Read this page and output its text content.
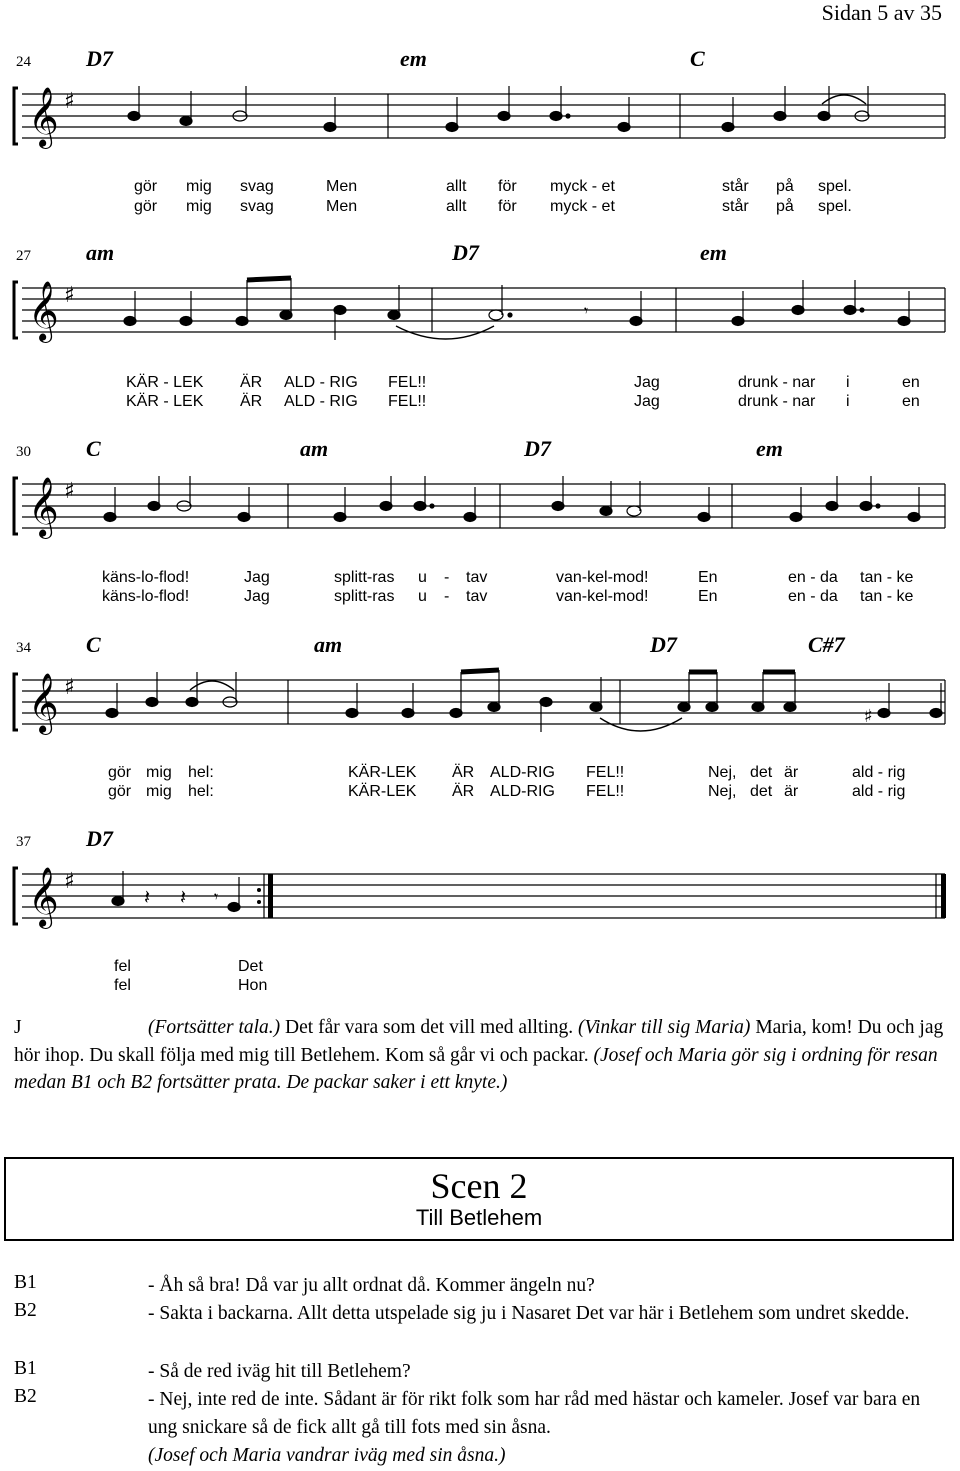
Sidan 5 av 35
24	D7	em	C
𝄞 ♯
gör mig svag	Men	allt för myck - et	står på spel.
gör mig svag	Men	allt för myck - et	står på spel.
27	am	D7	em
𝄞 ♯
𝄾
KÄR - LEK ÄR ALD - RIG FEL!!	Jag	drunk - nar i	en
KÄR - LEK ÄR ALD - RIG FEL!!	Jag	drunk - nar i	en
30	C	am	D7	em
𝄞 ♯
käns-lo-flod!	Jag	splitt-ras u - tav	van-kel-mod!	En	en - da tan - ke
käns-lo-flod!	Jag	splitt-ras u - tav	van-kel-mod!	En	en - da tan - ke
34	C	am	D7	C#7
𝄞 ♯
♯
gör mig hel:	KÄR-LEK ÄR ALD-RIG FEL!!	Nej, det är	ald - rig
gör mig hel:	KÄR-LEK ÄR ALD-RIG FEL!!	Nej, det är	ald - rig
37	D7
𝄞 ♯
𝄽 𝄽 𝄾
fel	Det
fel	Hon
J	(Fortsätter tala.) Det får vara som det vill med allting. (Vinkar till sig Maria) Maria, kom! Du och jag hör ihop. Du skall följa med mig till Betlehem. Kom så går vi och packar. (Josef och Maria gör sig i ordning för resan medan B1 och B2 fortsätter prata. De packar saker i ett knyte.)
Scen 2
Till Betlehem
B1	- Åh så bra! Då var ju allt ordnat då. Kommer ängeln nu?
B2	- Sakta i backarna. Allt detta utspelade sig ju i Nasaret Det var här i Betlehem som undret skedde.
B1	- Så de red iväg hit till Betlehem?
B2	- Nej, inte red de inte. Sådant är för rikt folk som har råd med hästar och kameler. Josef var bara en ung snickare så de fick allt gå till fots med sin åsna.
(Josef och Maria vandrar iväg med sin åsna.)
